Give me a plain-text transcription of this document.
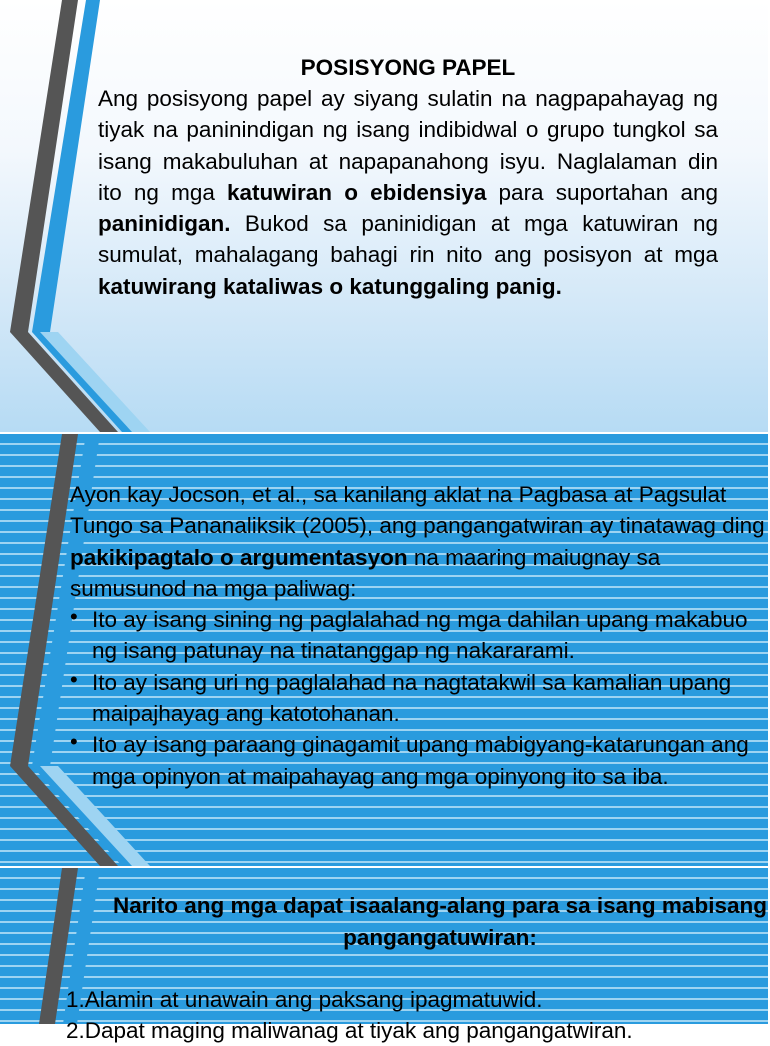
POSISYONG PAPEL
Ang posisyong papel ay siyang sulatin na nagpapahayag ng tiyak na paninindigan ng isang indibidwal o grupo tungkol sa isang makabuluhan at napapanahong isyu. Naglalaman din ito ng mga katuwiran o ebidensiya para suportahan ang paninidigan. Bukod sa paninidigan at mga katuwiran ng sumulat, mahalagang bahagi rin nito ang posisyon at mga katuwirang kataliwas o katunggaling panig.
Ayon kay Jocson, et al., sa kanilang aklat na Pagbasa at Pagsulat Tungo sa Pananaliksik (2005), ang pangangatwiran ay tinatawag ding pakikipagtalo o argumentasyon na maaring maiugnay sa sumusunod na mga paliwag:
• Ito ay isang sining ng paglalahad ng mga dahilan upang makabuo ng isang patunay na tinatanggap ng nakararami.
• Ito ay isang uri ng paglalahad na nagtatakwil sa kamalian upang maipajhayag ang katotohanan.
• Ito ay isang paraang ginagamit upang mabigyang-katarungan ang mga opinyon at maipahayag ang mga opinyong ito sa iba.
Narito ang mga dapat isaalang-alang para sa isang mabisang pangangatuwiran:
1.Alamin at unawain ang paksang ipagmatuwid.
2.Dapat maging maliwanag at tiyak ang pangangatwiran.
